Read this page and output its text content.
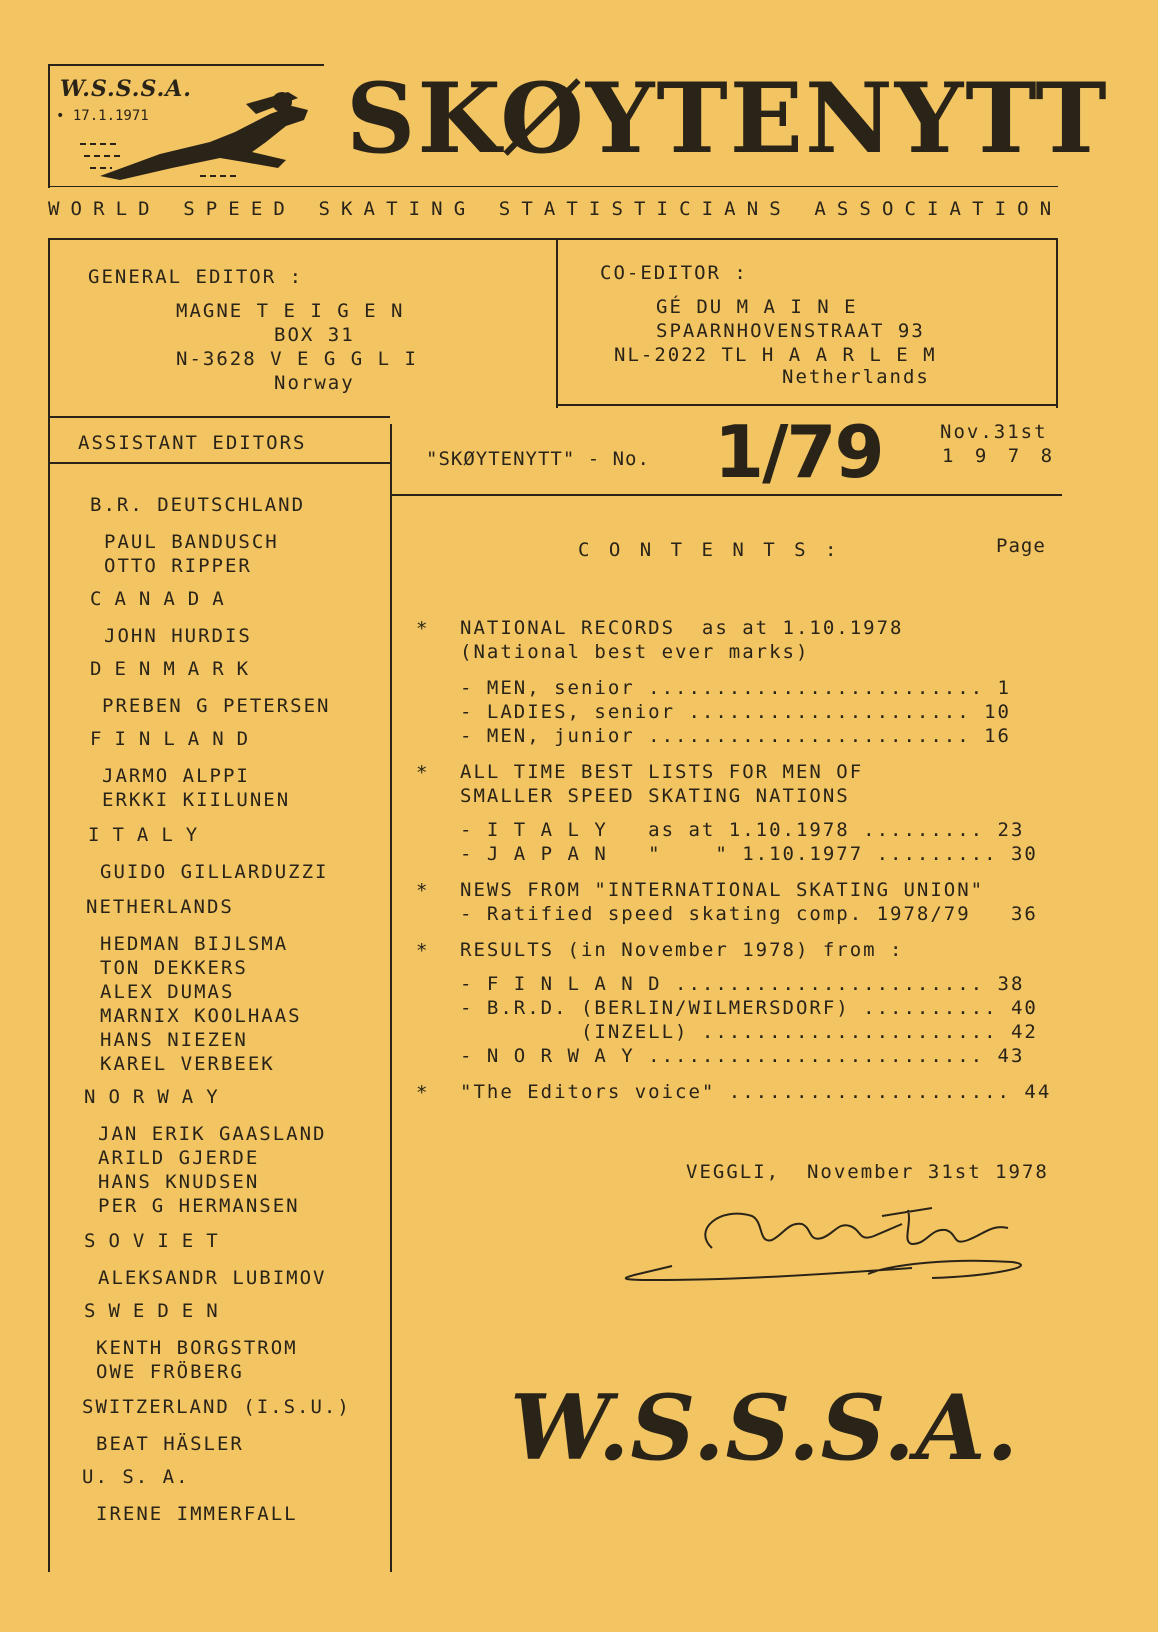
W.S.S.S.A.
• 17.1.1971 SKØYTENYTT
WORLD SPEED SKATING STATISTICIANS ASSOCIATION
GENERAL EDITOR :
MAGNE T E I G E N
BOX 31
N-3628 V E G G L I
Norway
CO-EDITOR :
GÉ DU M A I N E
SPAARNHOVENSTRAAT 93
NL-2022 TL H A A R L E M
Netherlands
ASSISTANT EDITORS
B.R. DEUTSCHLAND
PAUL BANDUSCH
OTTO RIPPER
CANADA
JOHN HURDIS
DENMARK
PREBEN G PETERSEN
FINLAND
JARMO ALPPI
ERKKI KIILUNEN
ITALY
GUIDO GILLARDUZZI
NETHERLANDS
HEDMAN BIJLSMA
TON DEKKERS
ALEX DUMAS
MARNIX KOOLHAAS
HANS NIEZEN
KAREL VERBEEK
NORWAY
JAN ERIK GAASLAND
ARILD GJERDE
HANS KNUDSEN
PER G HERMANSEN
SOVIET
ALEKSANDR LUBIMOV
SWEDEN
KENTH BORGSTROM
OWE FRÖBERG
SWITZERLAND (I.S.U.)
BEAT HÄSLER
U. S. A.
IRENE IMMERFALL
"SKØYTENYTT" - No. 1/79	Nov.31st
1 9 7 8
C O N T E N T S :	Page
* NATIONAL RECORDS  as at 1.10.1978
(National best ever marks)
- MEN, senior ......................... 1
- LADIES, senior ..................... 10
- MEN, junior ........................ 16
* ALL TIME BEST LISTS FOR MEN OF
SMALLER SPEED SKATING NATIONS
- I T A L Y   as at 1.10.1978 ......... 23
- J A P A N   "    " 1.10.1977 ......... 30
* NEWS FROM "INTERNATIONAL SKATING UNION"
- Ratified speed skating comp. 1978/79   36
* RESULTS (in November 1978) from :
- F I N L A N D ....................... 38
- B.R.D. (BERLIN/WILMERSDORF) .......... 40
(INZELL) ...................... 42
- N O R W A Y ......................... 43
* "The Editors voice" ..................... 44
VEGGLI,  November 31st 1978
W.S.S.S.A.
